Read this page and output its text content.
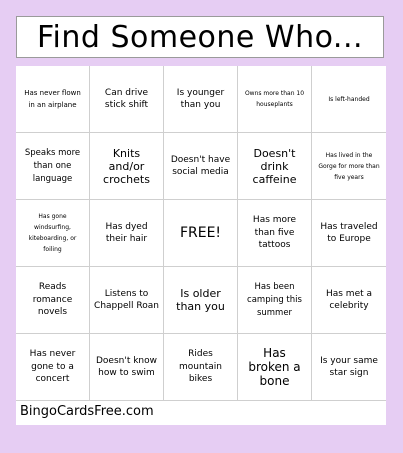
Find Someone Who...
Has never flown in an airplane
Can drive stick shift
Is younger than you
Owns more than 10 houseplants
Is left-handed
Speaks more than one language
Knits and/or crochets
Doesn't have social media
Doesn't drink caffeine
Has lived in the Gorge for more than five years
Has gone windsurfing, kiteboarding, or foiling
Has dyed their hair	FREE!
Has more than five tattoos
Has traveled to Europe
Reads romance novels
Listens to Chappell Roan
Is older than you
Has been camping this summer
Has met a celebrity
Has never gone to a concert
Doesn't know how to swim
Rides mountain bikes
Has broken a bone
Is your same star sign
BingoCardsFree.com
